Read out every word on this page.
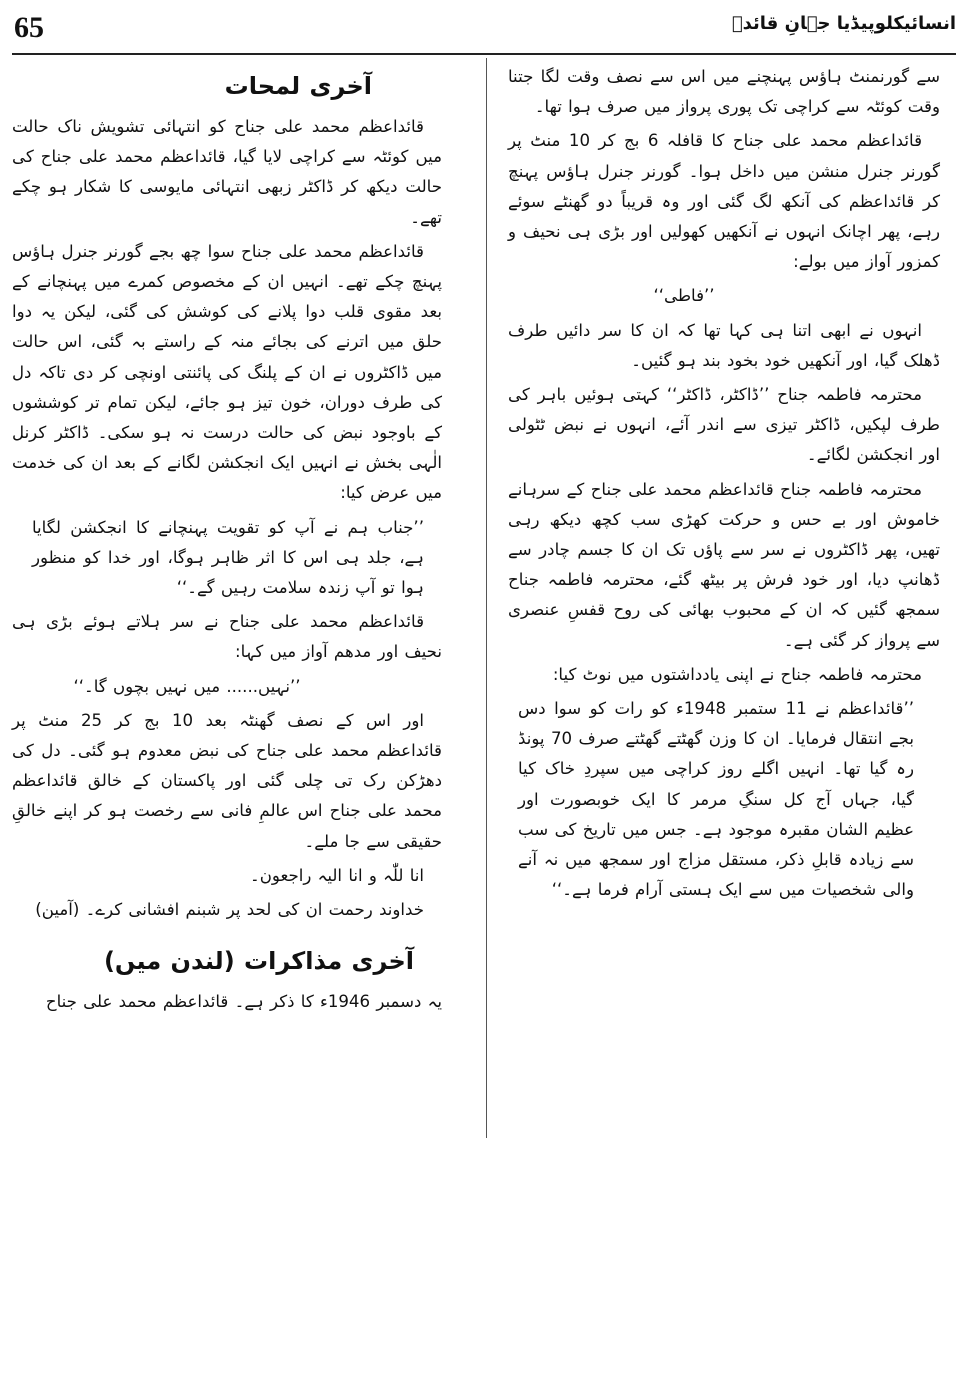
65	انسائیکلوپیڈیا جہانِ قائدؒ

سے گورنمنٹ ہاؤس پہنچنے میں اس سے نصف وقت لگا جتنا وقت کوئٹہ سے کراچی تک پوری پرواز میں صرف ہوا تھا۔

قائداعظم محمد علی جناح کا قافلہ 6 بج کر 10 منٹ پر گورنر جنرل منشن میں داخل ہوا۔ گورنر جنرل ہاؤس پہنچ کر قائداعظم کی آنکھ لگ گئی اور وہ قریباً دو گھنٹے سوئے رہے، پھر اچانک انہوں نے آنکھیں کھولیں اور بڑی ہی نحیف و کمزور آواز میں بولے:

’’فاطی‘‘

انہوں نے ابھی اتنا ہی کہا تھا کہ ان کا سر دائیں طرف ڈھلک گیا، اور آنکھیں خود بخود بند ہو گئیں۔

محترمہ فاطمہ جناح ’’ڈاکٹر، ڈاکٹر‘‘ کہتی ہوئیں باہر کی طرف لپکیں، ڈاکٹر تیزی سے اندر آئے، انہوں نے نبض ٹٹولی اور انجکشن لگائے۔

محترمہ فاطمہ جناح قائداعظم محمد علی جناح کے سرہانے خاموش اور بے حس و حرکت کھڑی سب کچھ دیکھ رہی تھیں، پھر ڈاکٹروں نے سر سے پاؤں تک ان کا جسم چادر سے ڈھانپ دیا، اور خود فرش پر بیٹھ گئے، محترمہ فاطمہ جناح سمجھ گئیں کہ ان کے محبوب بھائی کی روح قفسِ عنصری سے پرواز کر گئی ہے۔

محترمہ فاطمہ جناح نے اپنی یادداشتوں میں نوٹ کیا:

’’قائداعظم نے 11 ستمبر 1948ء کو رات کو سوا دس بجے انتقال فرمایا۔ ان کا وزن گھٹتے گھٹتے صرف 70 پونڈ رہ گیا تھا۔ انہیں اگلے روز کراچی میں سپردِ خاک کیا گیا، جہاں آج کل سنگِ مرمر کا ایک خوبصورت اور عظیم الشان مقبرہ موجود ہے۔ جس میں تاریخ کی سب سے زیادہ قابلِ ذکر، مستقل مزاج اور سمجھ میں نہ آنے والی شخصیات میں سے ایک ہستی آرام فرما ہے۔‘‘

آخری لمحات

قائداعظم محمد علی جناح کو انتہائی تشویش ناک حالت میں کوئٹہ سے کراچی لایا گیا، قائداعظم محمد علی جناح کی حالت دیکھ کر ڈاکٹر زبھی انتہائی مایوسی کا شکار ہو چکے تھے۔

قائداعظم محمد علی جناح سوا چھ بجے گورنر جنرل ہاؤس پہنچ چکے تھے۔ انہیں ان کے مخصوص کمرے میں پہنچانے کے بعد مقوی قلب دوا پلانے کی کوشش کی گئی، لیکن یہ دوا حلق میں اترنے کی بجائے منہ کے راستے بہ گئی، اس حالت میں ڈاکٹروں نے ان کے پلنگ کی پائنتی اونچی کر دی تاکہ دل کی طرف دوران، خون تیز ہو جائے، لیکن تمام تر کوششوں کے باوجود نبض کی حالت درست نہ ہو سکی۔ ڈاکٹر کرنل الٰہی بخش نے انہیں ایک انجکشن لگانے کے بعد ان کی خدمت میں عرض کیا:

’’جناب ہم نے آپ کو تقویت پہنچانے کا انجکشن لگایا ہے، جلد ہی اس کا اثر ظاہر ہوگا، اور خدا کو منظور ہوا تو آپ زندہ سلامت رہیں گے۔‘‘

قائداعظم محمد علی جناح نے سر ہلاتے ہوئے بڑی ہی نحیف اور مدھم آواز میں کہا:

’’نہیں...... میں نہیں بچوں گا۔‘‘

اور اس کے نصف گھنٹہ بعد 10 بج کر 25 منٹ پر قائداعظم محمد علی جناح کی نبض معدوم ہو گئی۔ دل کی دھڑکن رک تی چلی گئی اور پاکستان کے خالق قائداعظم محمد علی جناح اس عالمِ فانی سے رخصت ہو کر اپنے خالقِ حقیقی سے جا ملے۔

انا للّٰہ و انا الیہ راجعون۔

خداوند رحمت ان کی لحد پر شبنم افشانی کرے۔ (آمین)

آخری مذاکرات (لندن میں)

یہ دسمبر 1946ء کا ذکر ہے۔ قائداعظم محمد علی جناح
